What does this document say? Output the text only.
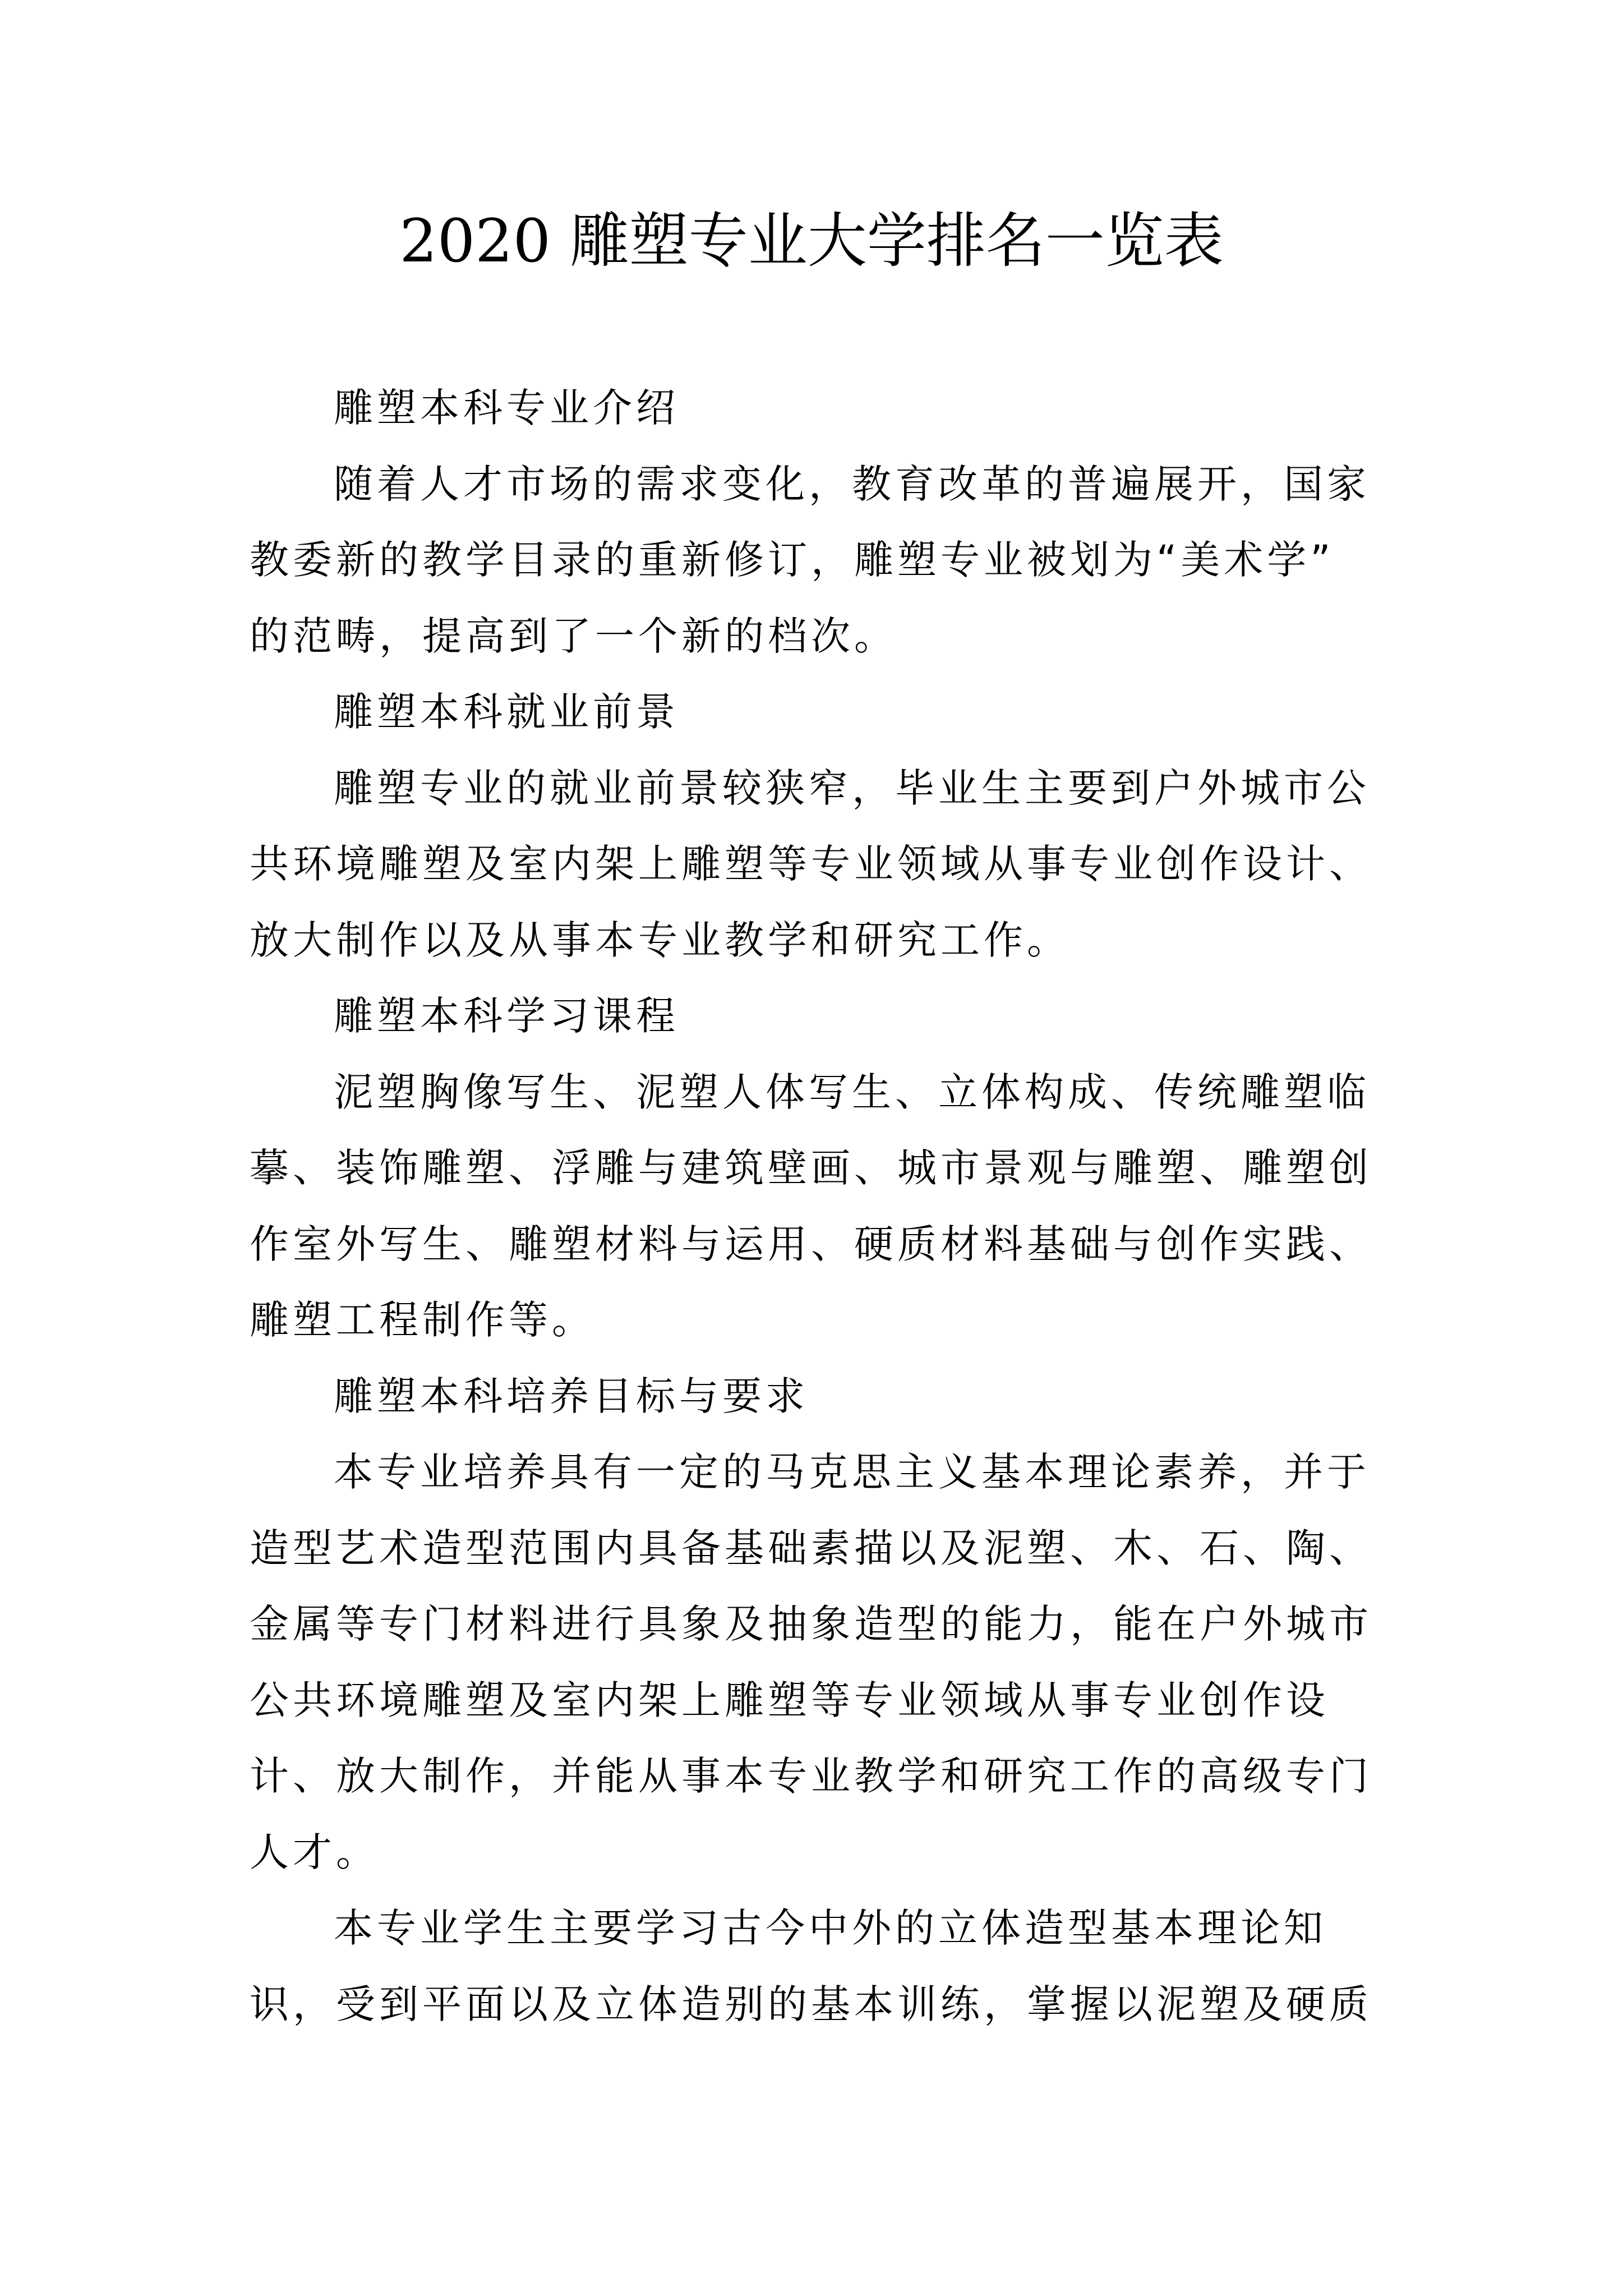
2020 雕塑专业大学排名一览表
雕塑本科专业介绍
随着人才市场的需求变化，教育改革的普遍展开，国家
教委新的教学目录的重新修订，雕塑专业被划为“美术学”
的范畴，提高到了一个新的档次。
雕塑本科就业前景
雕塑专业的就业前景较狭窄，毕业生主要到户外城市公
共环境雕塑及室内架上雕塑等专业领域从事专业创作设计、
放大制作以及从事本专业教学和研究工作。
雕塑本科学习课程
泥塑胸像写生、泥塑人体写生、立体构成、传统雕塑临
摹、装饰雕塑、浮雕与建筑壁画、城市景观与雕塑、雕塑创
作室外写生、雕塑材料与运用、硬质材料基础与创作实践、
雕塑工程制作等。
雕塑本科培养目标与要求
本专业培养具有一定的马克思主义基本理论素养，并于
造型艺术造型范围内具备基础素描以及泥塑、木、石、陶、
金属等专门材料进行具象及抽象造型的能力，能在户外城市
公共环境雕塑及室内架上雕塑等专业领域从事专业创作设
计、放大制作，并能从事本专业教学和研究工作的高级专门
人才。
本专业学生主要学习古今中外的立体造型基本理论知
识，受到平面以及立体造别的基本训练，掌握以泥塑及硬质
